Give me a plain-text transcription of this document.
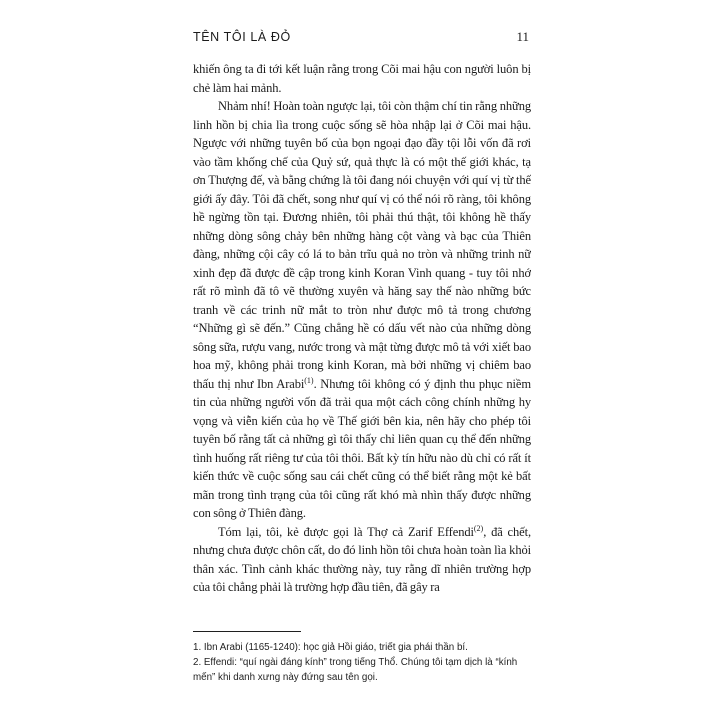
TÊN TÔI LÀ ĐỎ	11

khiến ông ta đi tới kết luận rằng trong Cõi mai hậu con người luôn bị chẻ làm hai mảnh.

Nhảm nhí! Hoàn toàn ngược lại, tôi còn thậm chí tin rằng những linh hồn bị chia lìa trong cuộc sống sẽ hòa nhập lại ở Cõi mai hậu. Ngược với những tuyên bố của bọn ngoại đạo đầy tội lỗi vốn đã rơi vào tầm khống chế của Quỷ sứ, quả thực là có một thế giới khác, tạ ơn Thượng đế, và bằng chứng là tôi đang nói chuyện với quí vị từ thế giới ấy đây. Tôi đã chết, song như quí vị có thể nói rõ ràng, tôi không hề ngừng tồn tại. Đương nhiên, tôi phải thú thật, tôi không hề thấy những dòng sông chảy bên những hàng cột vàng và bạc của Thiên đàng, những cội cây có lá to bản trĩu quả no tròn và những trinh nữ xinh đẹp đã được đề cập trong kinh Koran Vinh quang - tuy tôi nhớ rất rõ mình đã tô vẽ thường xuyên và hăng say thế nào những bức tranh về các trinh nữ mắt to tròn như được mô tả trong chương “Những gì sẽ đến.” Cũng chẳng hề có dấu vết nào của những dòng sông sữa, rượu vang, nước trong và mật từng được mô tả với xiết bao hoa mỹ, không phải trong kinh Koran, mà bởi những vị chiêm bao thấu thị như Ibn Arabi$^{(1)}$. Nhưng tôi không có ý định thu phục niềm tin của những người vốn đã trải qua một cách công chính những hy vọng và viễn kiến của họ về Thế giới bên kia, nên hãy cho phép tôi tuyên bố rằng tất cả những gì tôi thấy chỉ liên quan cụ thể đến những tình huống rất riêng tư của tôi thôi. Bất kỳ tín hữu nào dù chỉ có rất ít kiến thức về cuộc sống sau cái chết cũng có thể biết rằng một kẻ bất mãn trong tình trạng của tôi cũng rất khó mà nhìn thấy được những con sông ở Thiên đàng.

Tóm lại, tôi, kẻ được gọi là Thợ cả Zarif Effendi$^{(2)}$, đã chết, nhưng chưa được chôn cất, do đó linh hồn tôi chưa hoàn toàn lìa khỏi thân xác. Tình cảnh khác thường này, tuy rằng dĩ nhiên trường hợp của tôi chẳng phải là trường hợp đầu tiên, đã gây ra

1. Ibn Arabi (1165-1240): học giả Hồi giáo, triết gia phái thần bí.

2. Effendi: “quí ngài đáng kính” trong tiếng Thổ. Chúng tôi tạm dịch là “kính mến” khi danh xưng này đứng sau tên gọi.
